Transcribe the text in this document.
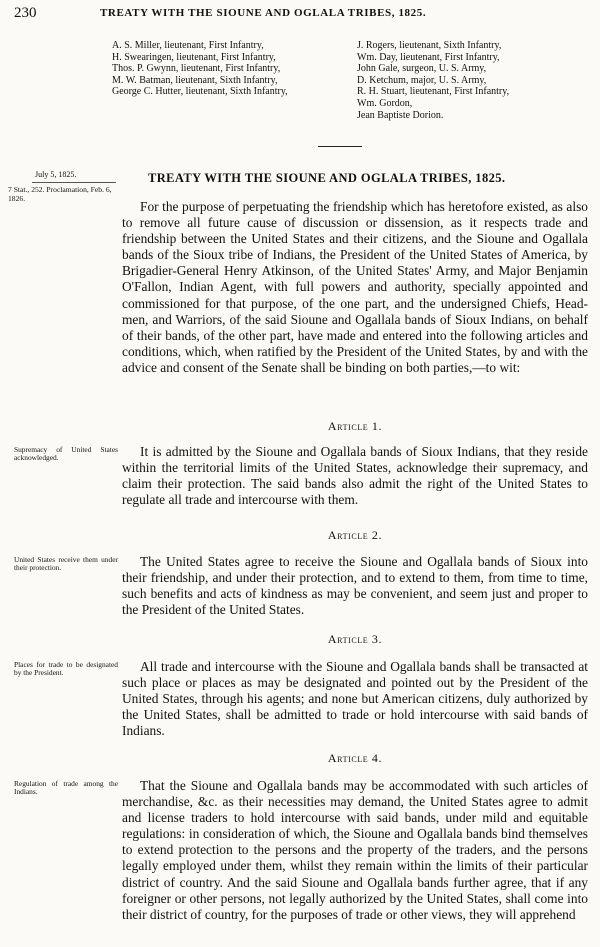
230	TREATY WITH THE SIOUNE AND OGLALA TRIBES, 1825.
A. S. Miller, lieutenant, First Infantry,
H. Swearingen, lieutenant, First Infantry,
Thos. P. Gwynn, lieutenant, First Infantry,
M. W. Batman, lieutenant, Sixth Infantry,
George C. Hutter, lieutenant, Sixth Infantry,
J. Rogers, lieutenant, Sixth Infantry,
Wm. Day, lieutenant, First Infantry,
John Gale, surgeon, U. S. Army,
D. Ketchum, major, U. S. Army,
R. H. Stuart, lieutenant, First Infantry,
Wm. Gordon,
Jean Baptiste Dorion.
July 5, 1825.
7 Stat., 252. Proclamation, Feb. 6, 1826.
TREATY WITH THE SIOUNE AND OGLALA TRIBES, 1825.

For the purpose of perpetuating the friendship which has heretofore existed, as also to remove all future cause of discussion or dissension, as it respects trade and friendship between the United States and their citizens, and the Sioune and Ogallala bands of the Sioux tribe of Indians, the President of the United States of America, by Brigadier-General Henry Atkinson, of the United States' Army, and Major Benjamin O'Fallon, Indian Agent, with full powers and authority, specially appointed and commissioned for that purpose, of the one part, and the undersigned Chiefs, Head-men, and Warriors, of the said Sioune and Ogallala bands of Sioux Indians, on behalf of their bands, of the other part, have made and entered into the following articles and conditions, which, when ratified by the President of the United States, by and with the advice and consent of the Senate shall be binding on both parties,—to wit:

Article 1.
Supremacy of United States acknowledged.	It is admitted by the Sioune and Ogallala bands of Sioux Indians, that they reside within the territorial limits of the United States, acknowledge their supremacy, and claim their protection. The said bands also admit the right of the United States to regulate all trade and intercourse with them.

Article 2.
United States receive them under their protection.	The United States agree to receive the Sioune and Ogallala bands of Sioux into their friendship, and under their protection, and to extend to them, from time to time, such benefits and acts of kindness as may be convenient, and seem just and proper to the President of the United States.

Article 3.
Places for trade to be designated by the President.	All trade and intercourse with the Sioune and Ogallala bands shall be transacted at such place or places as may be designated and pointed out by the President of the United States, through his agents; and none but American citizens, duly authorized by the United States, shall be admitted to trade or hold intercourse with said bands of Indians.

Article 4.
Regulation of trade among the Indians.	That the Sioune and Ogallala bands may be accommodated with such articles of merchandise, &c. as their necessities may demand, the United States agree to admit and license traders to hold intercourse with said bands, under mild and equitable regulations: in consideration of which, the Sioune and Ogallala bands bind themselves to extend protection to the persons and the property of the traders, and the persons legally employed under them, whilst they remain within the limits of their particular district of country. And the said Sioune and Ogallala bands further agree, that if any foreigner or other persons, not legally authorized by the United States, shall come into their district of country, for the purposes of trade or other views, they will apprehend
